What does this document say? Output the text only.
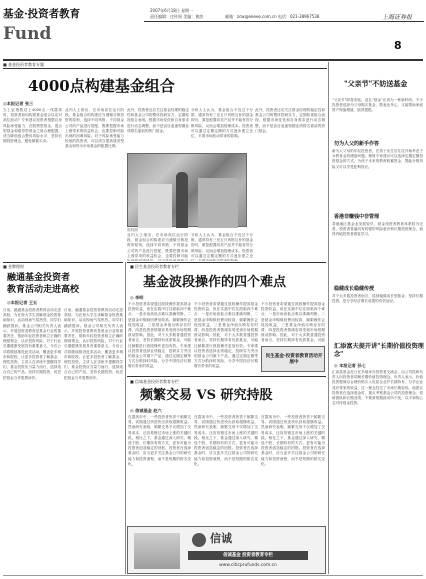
基金·投资者教育
Fund
2007年6月18日 星期一
责任编辑：庄传周 美编：黄滨	邮箱：zcw@oeeee.com.cn 电话：021-38967538	上海证券报
8
■ 基金投资者教育专题
4000点构建基金组合
◎本报记者 张三
当上证指数站上4000点一线震荡时，投资者如何构建基金组合以应对高位波动？专家建议投资者根据自身风险承受能力，在股票型基金、混合型基金和债券型基金之间合理配置，适当降低组合整体风险水平，坚持长期投资理念，避免频繁买卖。
业内人士指出，在市场高位运行阶段，基金组合的构建应当遵循分散投资的原则，选择不同风格、不同基金公司的产品进行搭配，既要把握市场上涨带来的收益机会，也要控制可能出现的回调风险。对于风险承受能力较低的投资者，可以适当提高债券型基金和货币市场基金的配置比例。
此外，投资者还应关注基金经理的稳定性和基金公司的整体投研实力，定期检视组合表现，根据市场变化和自身需求进行动态调整，而不是盲目追逐短期业绩排名靠前的热门基金。
分析人士认为，基金组合不宜过于分散，通常持有三至五只风格互补的基金即可，重复配置同类产品并不能有效分散风险，反而会增加管理成本。投资者可以通过定期定额的方式逐步建立仓位，平滑市场波动带来的影响。
资料图
业内人士指出，在市场高位运行阶段，基金组合的构建应当遵循分散投资的原则，选择不同风格、不同基金公司的产品进行搭配，既要把握市场上涨带来的收益机会，也要控制可能
分析人士认为，基金组合不宜过于分散，通常持有三至五只风格互补的基金即可，重复配置同类产品并不能有效分散风险，反而会增加管理成本。投资者可以通过定期定额的方式逐步建立仓
此外，投资者还应关注基金经理的稳定性和基金公司的整体投研实力，定期检视组合表现，根据市场变化和自身需求进行动态调整，而不是盲目追逐短期业绩排名靠前的热门基金。
"父亲节"不妨送基金
"父亲节"即将来临，送礼"基金"正成为一种新时尚。不少投资者选择为父母购买基金，既表达孝心，又能帮助家庭资产保值增值，值得提倡。
勿为人父的新手作答
新为人父母的年轻投资者，在孩子出生后往往开始考虑子女教育金的储备问题。理财专家建议可以选择定期定额投资基金的方式，为孩子未来的教育积累资金，既能分散风险又可以享受复利效应。
香港非赚钱中非管理
香港地区基金业发展较早，基金投资者教育体系较为完善，投资者普遍具有较强的风险意识和长期投资理念，值得内地投资者借鉴学习。
稳健成长稳健传授
对于大多数投资者而言，选择稳健成长型基金、坚持长期投资，是分享经济增长成果的有效途径。
汇添富夫提开讲"长期价值投资理念"
◎ 本报记者 孙七
汇添富基金近日在多地举办投资者交流会，由公司投研负责人向投资者讲解长期价值投资理念。负责人表示，价值投资强调以合理价格买入优质企业并长期持有，分享企业成长带来的收益，这一理念经过了市场长期检验。他建议投资者在选择基金时，重点考察基金公司的投资理念、投研团队和长期业绩，不要被短期波动所干扰，以平和的心态对待基金投资。
■ 金牌理财
融通基金投资者
教育活动走进高校
◎本报记者 王五
日前，融通基金投资者教育活动走进高校，为在校大学生讲解基金投资基础知识。活动现场气氛热烈，同学们踊跃提问。基金公司相关负责人表示，开展投资者教育是基金行业的重要责任，帮助年轻投资者树立正确的理财观念，认识投资风险，对于行业长期健康发展具有重要意义。今后公司将继续推进此类活动，覆盖更多城市和院校，让更多投资者了解基金、理性投资。主讲人在讲座中提醒同学们，基金投资应当量力而行，选择适合自己的产品，坚持长期投资，切忌把基金当作股票炒作。
日前，融通基金投资者教育活动走进高校，为在校大学生讲解基金投资基础知识。活动现场气氛热烈，同学们踊跃提问。基金公司相关负责人表示，开展投资者教育是基金行业的重要责任，帮助年轻投资者树立正确的理财观念，认识投资风险，对于行业长期健康发展具有重要意义。今后公司将继续推进此类活动，覆盖更多城市和院校，让更多投资者了解基金、理性投资。主讲人在讲座中提醒同学们，基金投资应当量力而行，选择适合自己的产品，坚持长期投资，切忌把基金当作股票炒作。
■ 民生基金投资者教育专栏
基金波段操作的四个难点
◎ 李明
不少投资者希望通过波段操作提高基金投资收益，但在实践中往往面临四个难点：一是市场高低点难以准确判断，二是基金申购赎回费用较高，频繁操作会侵蚀收益，三是基金净值反映存在时滞，四是投资者情绪容易受到市场短期波动影响。因此，对于大多数普通投资者而言，坚持长期持有优质基金，可能比频繁进行波段操作更加有效。专家建议投资者选择业绩稳定、投研实力突出的基金公司旗下产品，通过定期定额等方式分散择时风险，分享中国经济长期增长带来的收益。
不少投资者希望通过波段操作提高基金投资收益，但在实践中往往面临四个难点：一是市场高低点难以准确判断，二是基金申购赎回费用较高，频繁操作会侵蚀收益，三是基金净值反映存在时滞，四是投资者情绪容易受到市场短期波动影响。因此，对于大多数普通投资者而言，坚持长期持有优质基金，可能比频繁进行波段操作更加有效。专家建议投资者选择业绩稳定、投研实力突出的基金公司旗下产品，通过定期定额等方式分散择时风险，分享中国经济长期增长带来的收益。
不少投资者希望通过波段操作提高基金投资收益，但在实践中往往面临四个难点：一是市场高低点难以准确判断，二是基金申购赎回费用较高，频繁操作会侵蚀收益，三是基金净值反映存在时滞，四是投资者情绪容易受到市场短期波动影响。因此，对于大多数普通投资者而言，坚持长期持有优质基金，可能
民生基金·投资者教育活动开展中
■ 信诚基金投资者教育专栏
频繁交易 VS 研究持股
◎ 信诚基金 赵六
在震荡市中，一些投资者热衷于频繁交易，试图通过快进快出获取超额收益。然而研究表明，频繁交易不仅增加了交易成本，还容易错过市场上涨的关键时段。相比之下，基金通过深入研究、精选个股、长期持有的方式，更有可能为投资者创造稳定的回报。投资者在选择基金时，应当更多关注基金公司的研究能力和投资流程，而不是短期的排名变化。
在震荡市中，一些投资者热衷于频繁交易，试图通过快进快出获取超额收益。然而研究表明，频繁交易不仅增加了交易成本，还容易错过市场上涨的关键时段。相比之下，基金通过深入研究、精选个股、长期持有的方式，更有可能为投资者创造稳定的回报。投资者在选择基金时，应当更多关注基金公司的研究能力和投资流程，而不是短期的排名变化。
在震荡市中，一些投资者热衷于频繁交易，试图通过快进快出获取超额收益。然而研究表明，频繁交易不仅增加了交易成本，还容易错过市场上涨的关键时段。相比之下，基金通过深入研究、精选个股、长期持有的方式，更有可能为投资者创造稳定的回报。投资者在选择基金时，应当更多关注基金公司的研究能力和投资流程，而不是短期的排名变化。
信诚
信诚基金 投资者教育专栏
www.citicprufunds.com.cn
